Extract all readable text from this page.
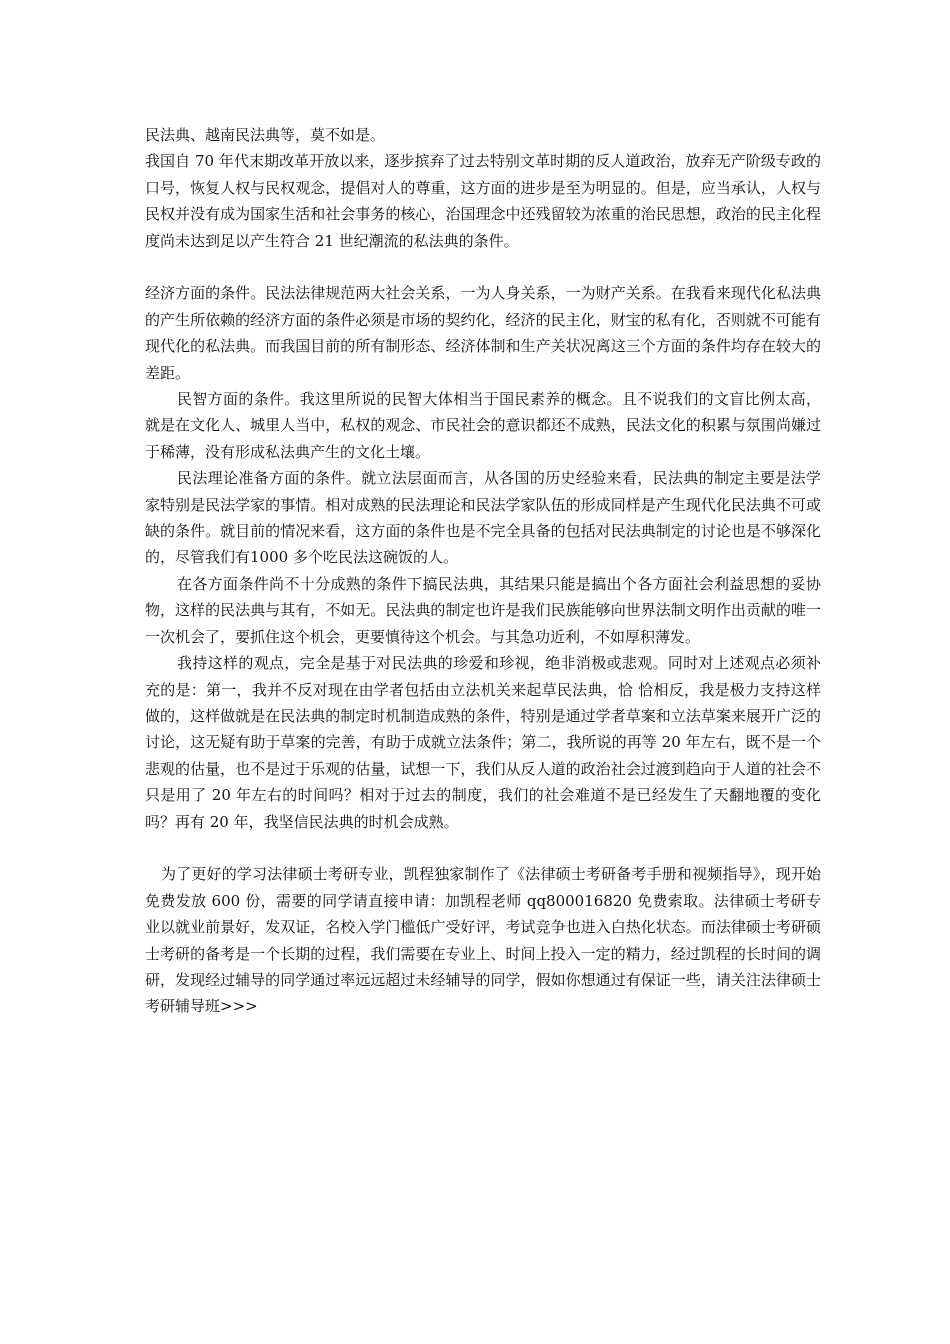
民法典、越南民法典等，莫不如是。

我国自 70 年代末期改革开放以来，逐步摈弃了过去特别文革时期的反人道政治，放弃无产阶级专政的口号，恢复人权与民权观念，提倡对人的尊重，这方面的进步是至为明显的。但是，应当承认，人权与民权并没有成为国家生活和社会事务的核心，治国理念中还残留较为浓重的治民思想，政治的民主化程度尚未达到足以产生符合 21 世纪潮流的私法典的条件。

经济方面的条件。民法法律规范两大社会关系，一为人身关系，一为财产关系。在我看来现代化私法典的产生所依赖的经济方面的条件必须是市场的契约化，经济的民主化，财宝的私有化，否则就不可能有现代化的私法典。而我国目前的所有制形态、经济体制和生产关状况离这三个方面的条件均存在较大的差距。

民智方面的条件。我这里所说的民智大体相当于国民素养的概念。且不说我们的文盲比例太高，就是在文化人、城里人当中，私权的观念、市民社会的意识都还不成熟，民法文化的积累与氛围尚嫌过于稀薄，没有形成私法典产生的文化土壤。

民法理论准备方面的条件。就立法层面而言，从各国的历史经验来看，民法典的制定主要是法学家特别是民法学家的事情。相对成熟的民法理论和民法学家队伍的形成同样是产生现代化民法典不可或缺的条件。就目前的情况来看，这方面的条件也是不完全具备的包括对民法典制定的讨论也是不够深化的，尽管我们有1000 多个吃民法这碗饭的人。

在各方面条件尚不十分成熟的条件下搞民法典，其结果只能是搞出个各方面社会利益思想的妥协物，这样的民法典与其有，不如无。民法典的制定也许是我们民族能够向世界法制文明作出贡献的唯一一次机会了，要抓住这个机会，更要慎待这个机会。与其急功近利，不如厚积薄发。

我持这样的观点，完全是基于对民法典的珍爱和珍视，绝非消极或悲观。同时对上述观点必须补充的是：第一，我并不反对现在由学者包括由立法机关来起草民法典，恰 恰相反，我是极力支持这样做的，这样做就是在民法典的制定时机制造成熟的条件，特别是通过学者草案和立法草案来展开广泛的讨论，这无疑有助于草案的完善，有助于成就立法条件；第二，我所说的再等 20 年左右，既不是一个悲观的估量，也不是过于乐观的估量，试想一下，我们从反人道的政治社会过渡到趋向于人道的社会不只是用了 20 年左右的时间吗？相对于过去的制度，我们的社会难道不是已经发生了天翻地覆的变化吗？再有 20 年，我坚信民法典的时机会成熟。

为了更好的学习法律硕士考研专业，凯程独家制作了《法律硕士考研备考手册和视频指导》，现开始免费发放 600 份，需要的同学请直接申请：加凯程老师 qq800016820 免费索取。法律硕士考研专业以就业前景好，发双证，名校入学门槛低广受好评，考试竞争也进入白热化状态。而法律硕士考研硕士考研的备考是一个长期的过程，我们需要在专业上、时间上投入一定的精力，经过凯程的长时间的调研，发现经过辅导的同学通过率远远超过未经辅导的同学，假如你想通过有保证一些，请关注法律硕士考研辅导班>>>
